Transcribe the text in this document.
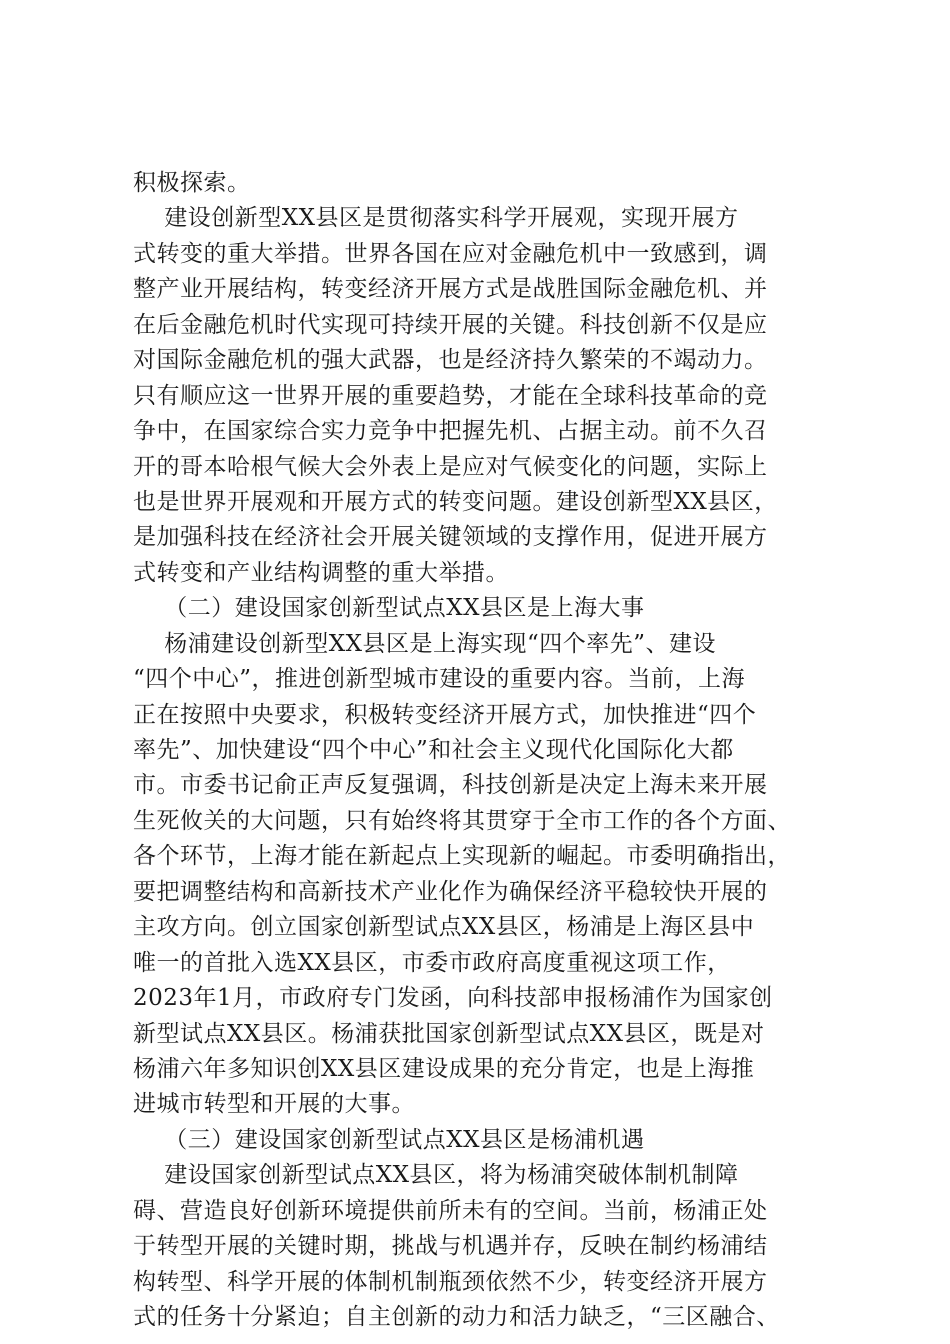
积极探索。
建设创新型XX县区是贯彻落实科学开展观，实现开展方
式转变的重大举措。世界各国在应对金融危机中一致感到，调
整产业开展结构，转变经济开展方式是战胜国际金融危机、并
在后金融危机时代实现可持续开展的关键。科技创新不仅是应
对国际金融危机的强大武器，也是经济持久繁荣的不竭动力。
只有顺应这一世界开展的重要趋势，才能在全球科技革命的竞
争中，在国家综合实力竞争中把握先机、占据主动。前不久召
开的哥本哈根气候大会外表上是应对气候变化的问题，实际上
也是世界开展观和开展方式的转变问题。建设创新型XX县区，
是加强科技在经济社会开展关键领域的支撑作用，促进开展方
式转变和产业结构调整的重大举措。
（二）建设国家创新型试点XX县区是上海大事
杨浦建设创新型XX县区是上海实现“四个率先”、建设
“四个中心”，推进创新型城市建设的重要内容。当前，上海
正在按照中央要求，积极转变经济开展方式，加快推进“四个
率先”、加快建设“四个中心”和社会主义现代化国际化大都
市。市委书记俞正声反复强调，科技创新是决定上海未来开展
生死攸关的大问题，只有始终将其贯穿于全市工作的各个方面、
各个环节，上海才能在新起点上实现新的崛起。市委明确指出，
要把调整结构和高新技术产业化作为确保经济平稳较快开展的
主攻方向。创立国家创新型试点XX县区，杨浦是上海区县中
唯一的首批入选XX县区，市委市政府高度重视这项工作，
2023年1月，市政府专门发函，向科技部申报杨浦作为国家创
新型试点XX县区。杨浦获批国家创新型试点XX县区，既是对
杨浦六年多知识创XX县区建设成果的充分肯定，也是上海推
进城市转型和开展的大事。
（三）建设国家创新型试点XX县区是杨浦机遇
建设国家创新型试点XX县区，将为杨浦突破体制机制障
碍、营造良好创新环境提供前所未有的空间。当前，杨浦正处
于转型开展的关键时期，挑战与机遇并存，反映在制约杨浦结
构转型、科学开展的体制机制瓶颈依然不少，转变经济开展方
式的任务十分紧迫；自主创新的动力和活力缺乏，“三区融合、
